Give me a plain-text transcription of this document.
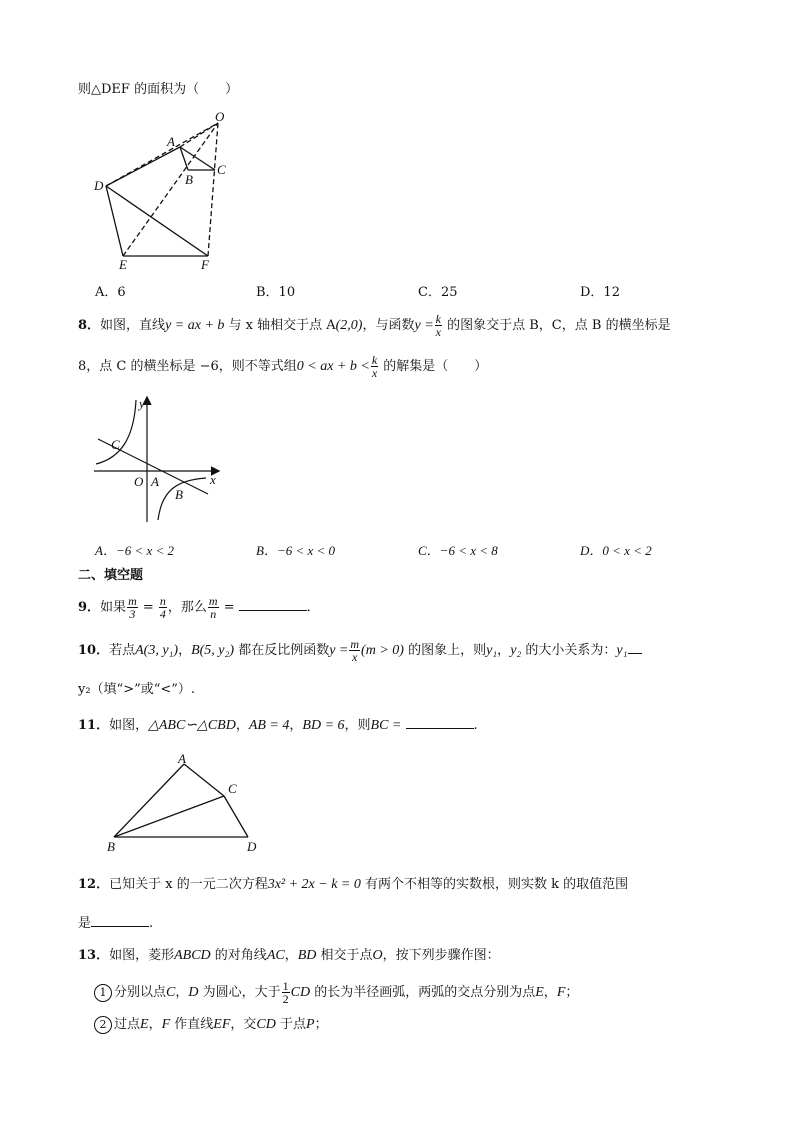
则△DEF 的面积为（　　）
O
A
B
C
D
E	F
A．6	B．10	C．25	D．12
8．如图，直线y = ax + b 与 x 轴相交于点 A(2,0)，与函数$y = \frac{k}{x}$ 的图象交于点 B，C，点 B 的横坐标是
8，点 C 的横坐标是 −6，则不等式组0 < ax + $b < \frac{k}{x}$ 的解集是（　　）
y
x
O A
B
C
A．−6 < x < 2	B．−6 < x < 0	C．−6 < x < 8	D．0 < x < 2
二、填空题
9．如果 $\frac{m}{3} = \frac{n}{4}$ ，那么 $\frac{m}{n}$ =	．
10．若点A(3, y₁)，B(5, y₂) 都在反比例函数$y = \frac{m}{x} (m > 0)$ 的图象上，则y₁，y₂ 的大小关系为：y₁
y₂（填“>”或“<”）.
11．如图，△ABC∽△CBD，AB = 4，BD = 6，则BC =	.
A
B
C
D
12．已知关于 x 的一元二次方程3x² + 2x − k = 0 有两个不相等的实数根，则实数 k 的取值范围
是	.
13．如图，菱形ABCD 的对角线AC，BD 相交于点O，按下列步骤作图：
1 分别以点C，D 为圆心，大于 $\frac{1}{2}$ CD 的长为半径画弧，两弧的交点分别为点E，F；
2 过点E，F 作直线EF，交CD 于点P；
